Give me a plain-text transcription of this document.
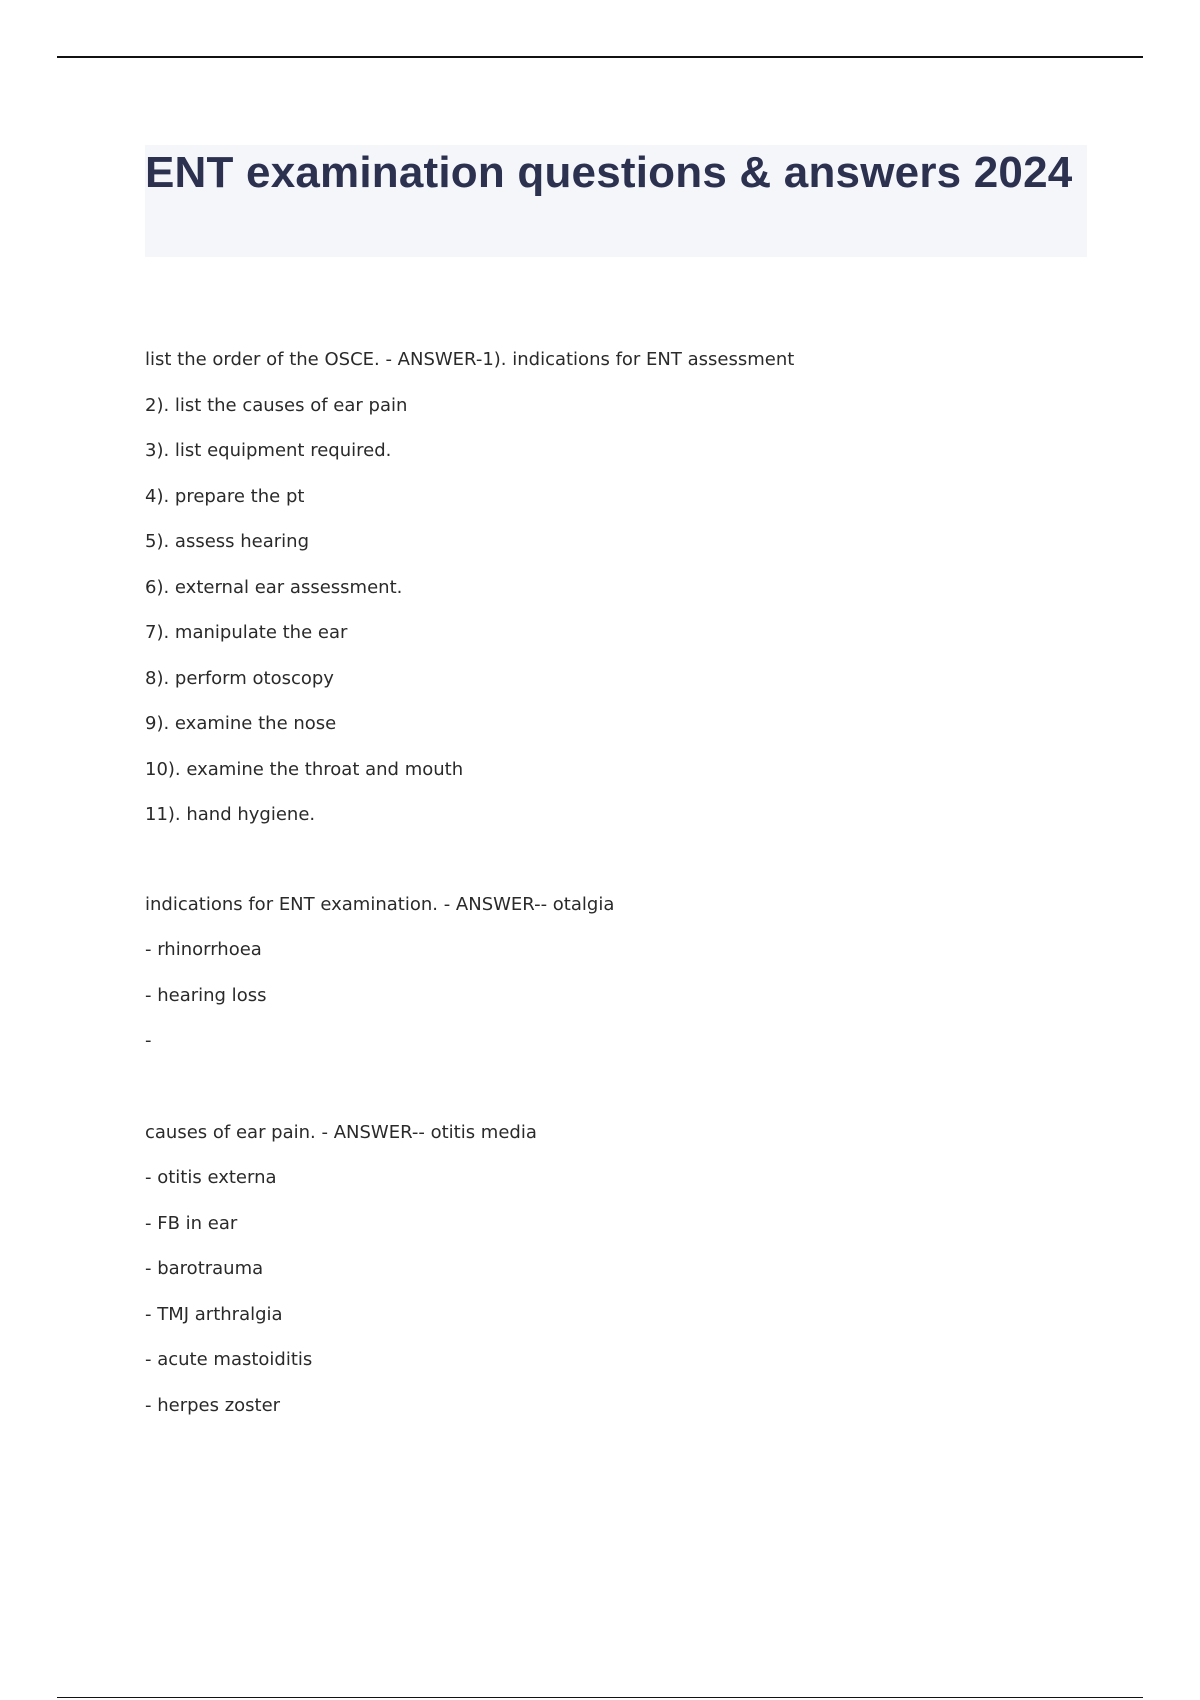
ENT examination questions & answers 2024

list the order of the OSCE. - ANSWER-1). indications for ENT assessment

2). list the causes of ear pain

3). list equipment required.

4). prepare the pt

5). assess hearing

6). external ear assessment.

7). manipulate the ear

8). perform otoscopy

9). examine the nose

10). examine the throat and mouth

11). hand hygiene.

indications for ENT examination. - ANSWER-- otalgia

- rhinorrhoea

- hearing loss

-

causes of ear pain. - ANSWER-- otitis media

- otitis externa

- FB in ear

- barotrauma

- TMJ arthralgia

- acute mastoiditis

- herpes zoster
